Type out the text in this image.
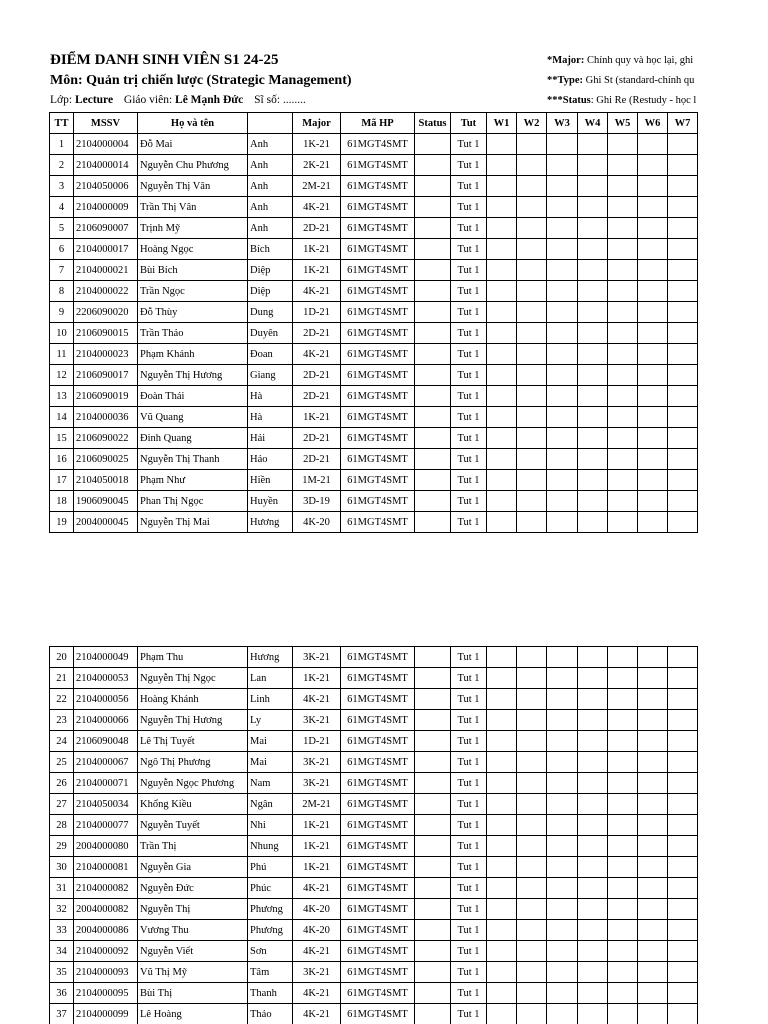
ĐIỂM DANH SINH VIÊN S1 24-25
Môn: Quản trị chiến lược (Strategic Management)
Lớp: Lecture Giáo viên: Lê Mạnh Đức Sĩ số: ........
*Major: Chính quy và học lại, ghi
**Type: Ghi St (standard-chính qu
***Status: Ghi Re (Restudy - học l
TT	MSSV	Họ và tên		Major	Mã HP	Status	Tut	W1	W2	W3	W4	W5	W6	W7
1	2104000004	Đỗ Mai	Anh	1K-21	61MGT4SMT		Tut 1							
2	2104000014	Nguyễn Chu Phương	Anh	2K-21	61MGT4SMT		Tut 1							
3	2104050006	Nguyễn Thị Vân	Anh	2M-21	61MGT4SMT		Tut 1							
4	2104000009	Trần Thị Vân	Anh	4K-21	61MGT4SMT		Tut 1							
5	2106090007	Trịnh Mỹ	Anh	2D-21	61MGT4SMT		Tut 1							
6	2104000017	Hoàng Ngọc	Bích	1K-21	61MGT4SMT		Tut 1							
7	2104000021	Bùi Bích	Diệp	1K-21	61MGT4SMT		Tut 1							
8	2104000022	Trần Ngọc	Diệp	4K-21	61MGT4SMT		Tut 1							
9	2206090020	Đỗ Thùy	Dung	1D-21	61MGT4SMT		Tut 1							
10	2106090015	Trần Thảo	Duyên	2D-21	61MGT4SMT		Tut 1							
11	2104000023	Phạm Khánh	Đoan	4K-21	61MGT4SMT		Tut 1							
12	2106090017	Nguyễn Thị Hương	Giang	2D-21	61MGT4SMT		Tut 1							
13	2106090019	Đoàn Thái	Hà	2D-21	61MGT4SMT		Tut 1							
14	2104000036	Vũ Quang	Hà	1K-21	61MGT4SMT		Tut 1							
15	2106090022	Đinh Quang	Hải	2D-21	61MGT4SMT		Tut 1							
16	2106090025	Nguyễn Thị Thanh	Hảo	2D-21	61MGT4SMT		Tut 1							
17	2104050018	Phạm Như	Hiền	1M-21	61MGT4SMT		Tut 1							
18	1906090045	Phan Thị Ngọc	Huyền	3D-19	61MGT4SMT		Tut 1							
19	2004000045	Nguyễn Thị Mai	Hương	4K-20	61MGT4SMT		Tut 1							
20	2104000049	Phạm Thu	Hương	3K-21	61MGT4SMT		Tut 1							
21	2104000053	Nguyễn Thị Ngọc	Lan	1K-21	61MGT4SMT		Tut 1							
22	2104000056	Hoàng Khánh	Linh	4K-21	61MGT4SMT		Tut 1							
23	2104000066	Nguyễn Thị Hương	Ly	3K-21	61MGT4SMT		Tut 1							
24	2106090048	Lê Thị Tuyết	Mai	1D-21	61MGT4SMT		Tut 1							
25	2104000067	Ngô Thị Phương	Mai	3K-21	61MGT4SMT		Tut 1							
26	2104000071	Nguyễn Ngọc Phương	Nam	3K-21	61MGT4SMT		Tut 1							
27	2104050034	Khổng Kiều	Ngân	2M-21	61MGT4SMT		Tut 1							
28	2104000077	Nguyễn Tuyết	Nhi	1K-21	61MGT4SMT		Tut 1							
29	2004000080	Trần Thị	Nhung	1K-21	61MGT4SMT		Tut 1							
30	2104000081	Nguyễn Gia	Phú	1K-21	61MGT4SMT		Tut 1							
31	2104000082	Nguyễn Đức	Phúc	4K-21	61MGT4SMT		Tut 1							
32	2004000082	Nguyễn Thị	Phương	4K-20	61MGT4SMT		Tut 1							
33	2004000086	Vương Thu	Phương	4K-20	61MGT4SMT		Tut 1							
34	2104000092	Nguyễn Viết	Sơn	4K-21	61MGT4SMT		Tut 1							
35	2104000093	Vũ Thị Mỹ	Tâm	3K-21	61MGT4SMT		Tut 1							
36	2104000095	Bùi Thị	Thanh	4K-21	61MGT4SMT		Tut 1							
37	2104000099	Lê Hoàng	Thảo	4K-21	61MGT4SMT		Tut 1							
